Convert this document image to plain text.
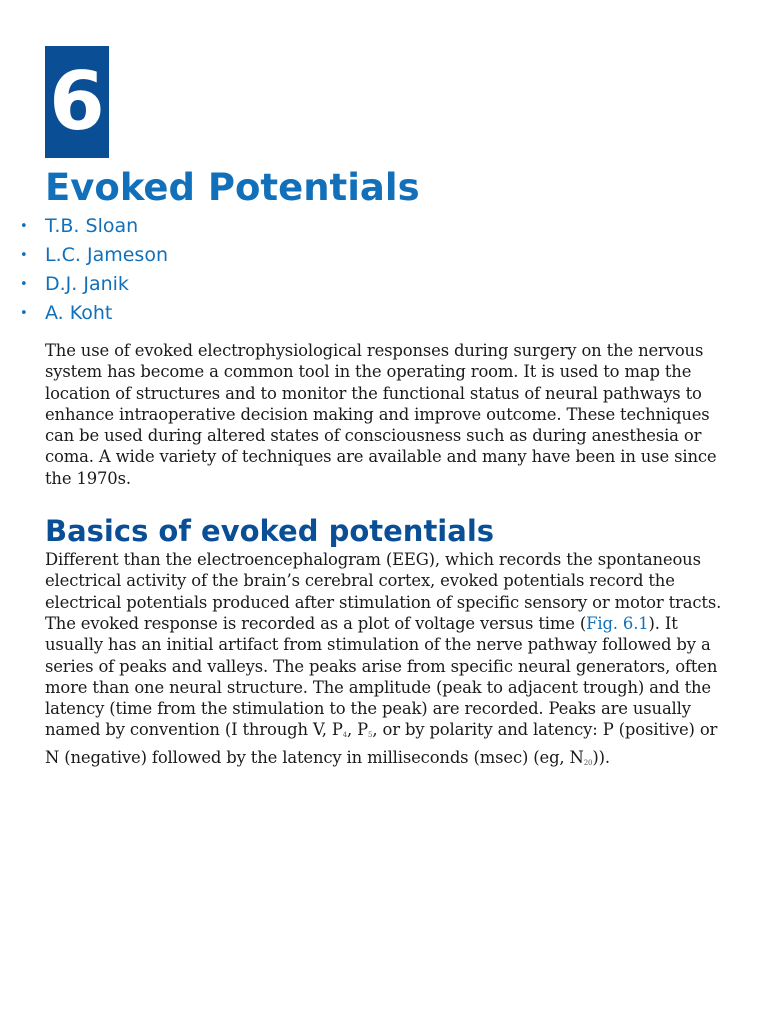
6
Evoked Potentials
• T.B. Sloan
• L.C. Jameson
• D.J. Janik
• A. Koht

The use of evoked electrophysiological responses during surgery on the nervous system has become a common tool in the operating room. It is used to map the location of structures and to monitor the functional status of neural pathways to enhance intraoperative decision making and improve outcome. These techniques can be used during altered states of consciousness such as during anesthesia or coma. A wide variety of techniques are available and many have been in use since the 1970s.

Basics of evoked potentials

Different than the electroencephalogram (EEG), which records the spontaneous electrical activity of the brain’s cerebral cortex, evoked potentials record the electrical potentials produced after stimulation of specific sensory or motor tracts. The evoked response is recorded as a plot of voltage versus time (Fig. 6.1). It usually has an initial artifact from stimulation of the nerve pathway followed by a series of peaks and valleys. The peaks arise from specific neural generators, often more than one neural structure. The amplitude (peak to adjacent trough) and the latency (time from the stimulation to the peak) are recorded. Peaks are usually named by convention (I through V, $P_4$, $P_5$, or by polarity and latency: P (positive) or N (negative) followed by the latency in milliseconds (msec) (eg, $N_{20}$)).
